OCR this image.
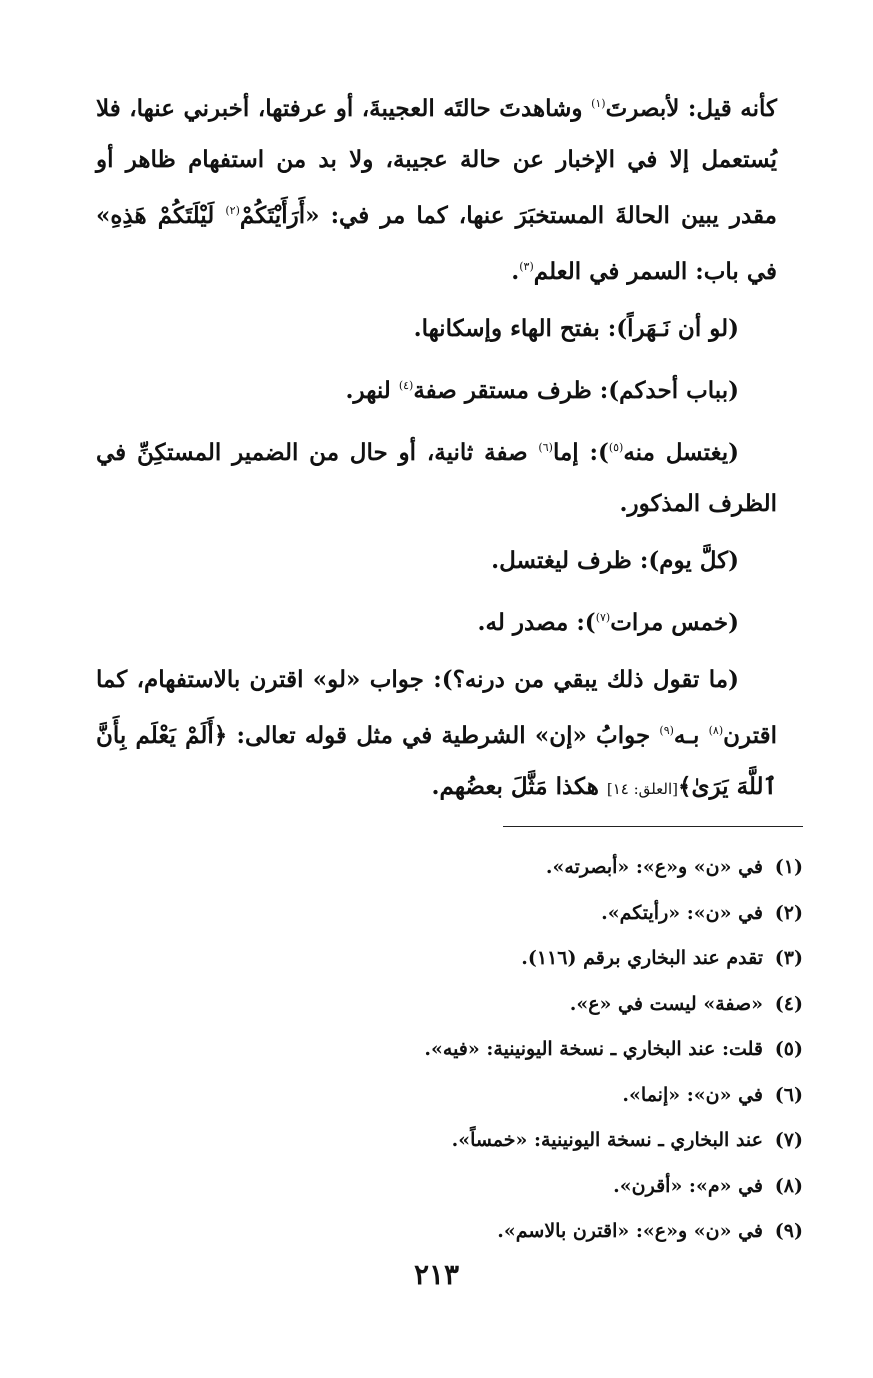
كأنه قيل: لأبصرتَ$^{(١)}$ وشاهدتَ حالتَه العجيبةَ، أو عرفتها، أخبرني عنها، فلا يُستعمل إلا في الإخبار عن حالة عجيبة، ولا بد من استفهام ظاهر أو مقدر يبين الحالةَ المستخبَرَ عنها، كما مر في: «أَرَأَيْتَكُمْ$^{(٢)}$ لَيْلَتَكُمْ هَذِهِ» في باب: السمر في العلم$^{(٣)}$.

(لو أن نَـهَراً): بفتح الهاء وإسكانها.

(بباب أحدكم): ظرف مستقر صفة$^{(٤)}$ لنهر.

(يغتسل منه$^{(٥)}$): إما$^{(٦)}$ صفة ثانية، أو حال من الضمير المستكِنِّ في الظرف المذكور.

(كلَّ يوم): ظرف ليغتسل.

(خمس مرات$^{(٧)}$): مصدر له.

(ما تقول ذلك يبقي من درنه؟): جواب «لو» اقترن بالاستفهام، كما اقترن$^{(٨)}$ بـه$^{(٩)}$ جوابُ «إن» الشرطية في مثل قوله تعالى: ﴿أَلَمْ يَعْلَم بِأَنَّ ٱللَّهَ يَرَىٰ﴾[العلق: ١٤] هكذا مَثَّلَ بعضُهم.

(١)في «ن» و«ع»: «أبصرته».
(٢)في «ن»: «رأيتكم».
(٣)تقدم عند البخاري برقم (١١٦).
(٤)«صفة» ليست في «ع».
(٥)قلت: عند البخاري ـ نسخة اليونينية: «فيه».
(٦)في «ن»: «إنما».
(٧)عند البخاري ـ نسخة اليونينية: «خمساً».
(٨)في «م»: «أقرن».
(٩)في «ن» و«ع»: «اقترن بالاسم».
٢١٣
